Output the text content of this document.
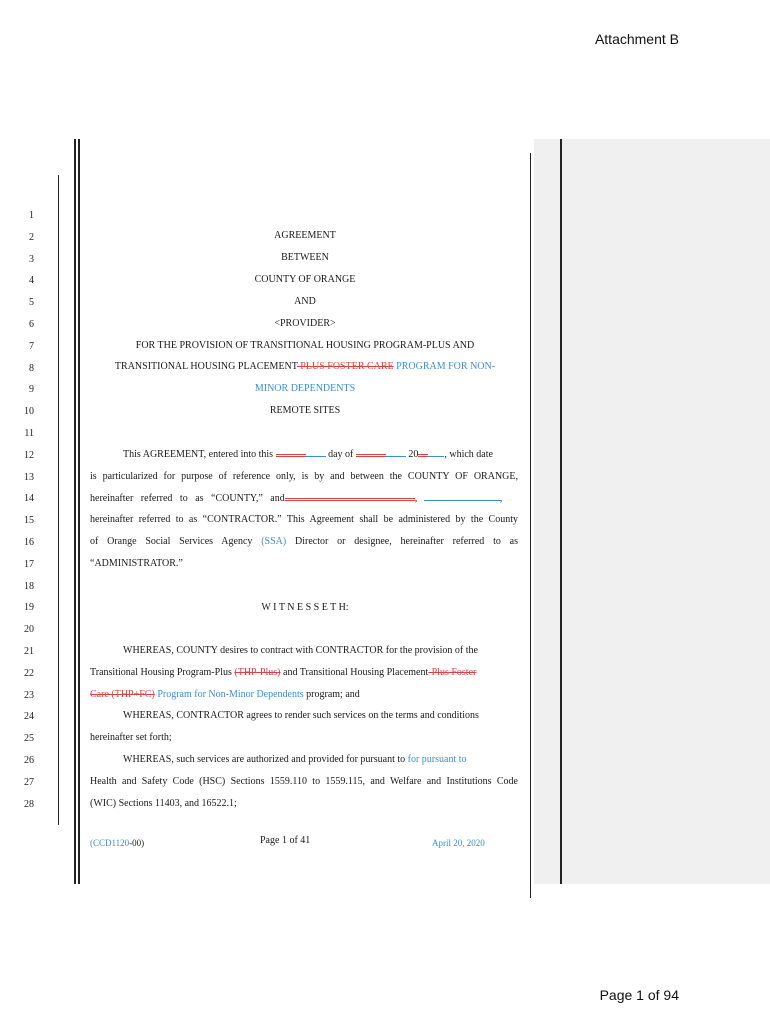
Attachment B
1
2
3
4
5
6
7
8
9
10
11
12
13
14
15
16
17
18
19
20
21
22
23
24
25
26
27
28
AGREEMENT
BETWEEN
COUNTY OF ORANGE
AND
<PROVIDER>
FOR THE PROVISION OF TRANSITIONAL HOUSING PROGRAM-PLUS AND
TRANSITIONAL HOUSING PLACEMENT-PLUS FOSTER CARE PROGRAM FOR NON-
MINOR DEPENDENTS
REMOTE SITES
This AGREEMENT, entered into this	day of	20	, which date
is particularized for purpose of reference only, is by and between the COUNTY OF ORANGE,
hereinafter referred to as “COUNTY,” and	,	,
hereinafter referred to as “CONTRACTOR.” This Agreement shall be administered by the County
of Orange Social Services Agency (SSA) Director or designee, hereinafter referred to as
“ADMINISTRATOR.”
W I T N E S S E T H:
WHEREAS, COUNTY desires to contract with CONTRACTOR for the provision of the
Transitional Housing Program-Plus (THP-Plus) and Transitional Housing Placement-Plus Foster
Care (THP+FC) Program for Non-Minor Dependents program; and
WHEREAS, CONTRACTOR agrees to render such services on the terms and conditions
hereinafter set forth;
WHEREAS, such services are authorized and provided for pursuant to for pursuant to
Health and Safety Code (HSC) Sections 1559.110 to 1559.115, and Welfare and Institutions Code
(WIC) Sections 11403, and 16522.1;
(CCD1120-00)	Page 1 of 41	April 20, 2020
Page 1 of 94
